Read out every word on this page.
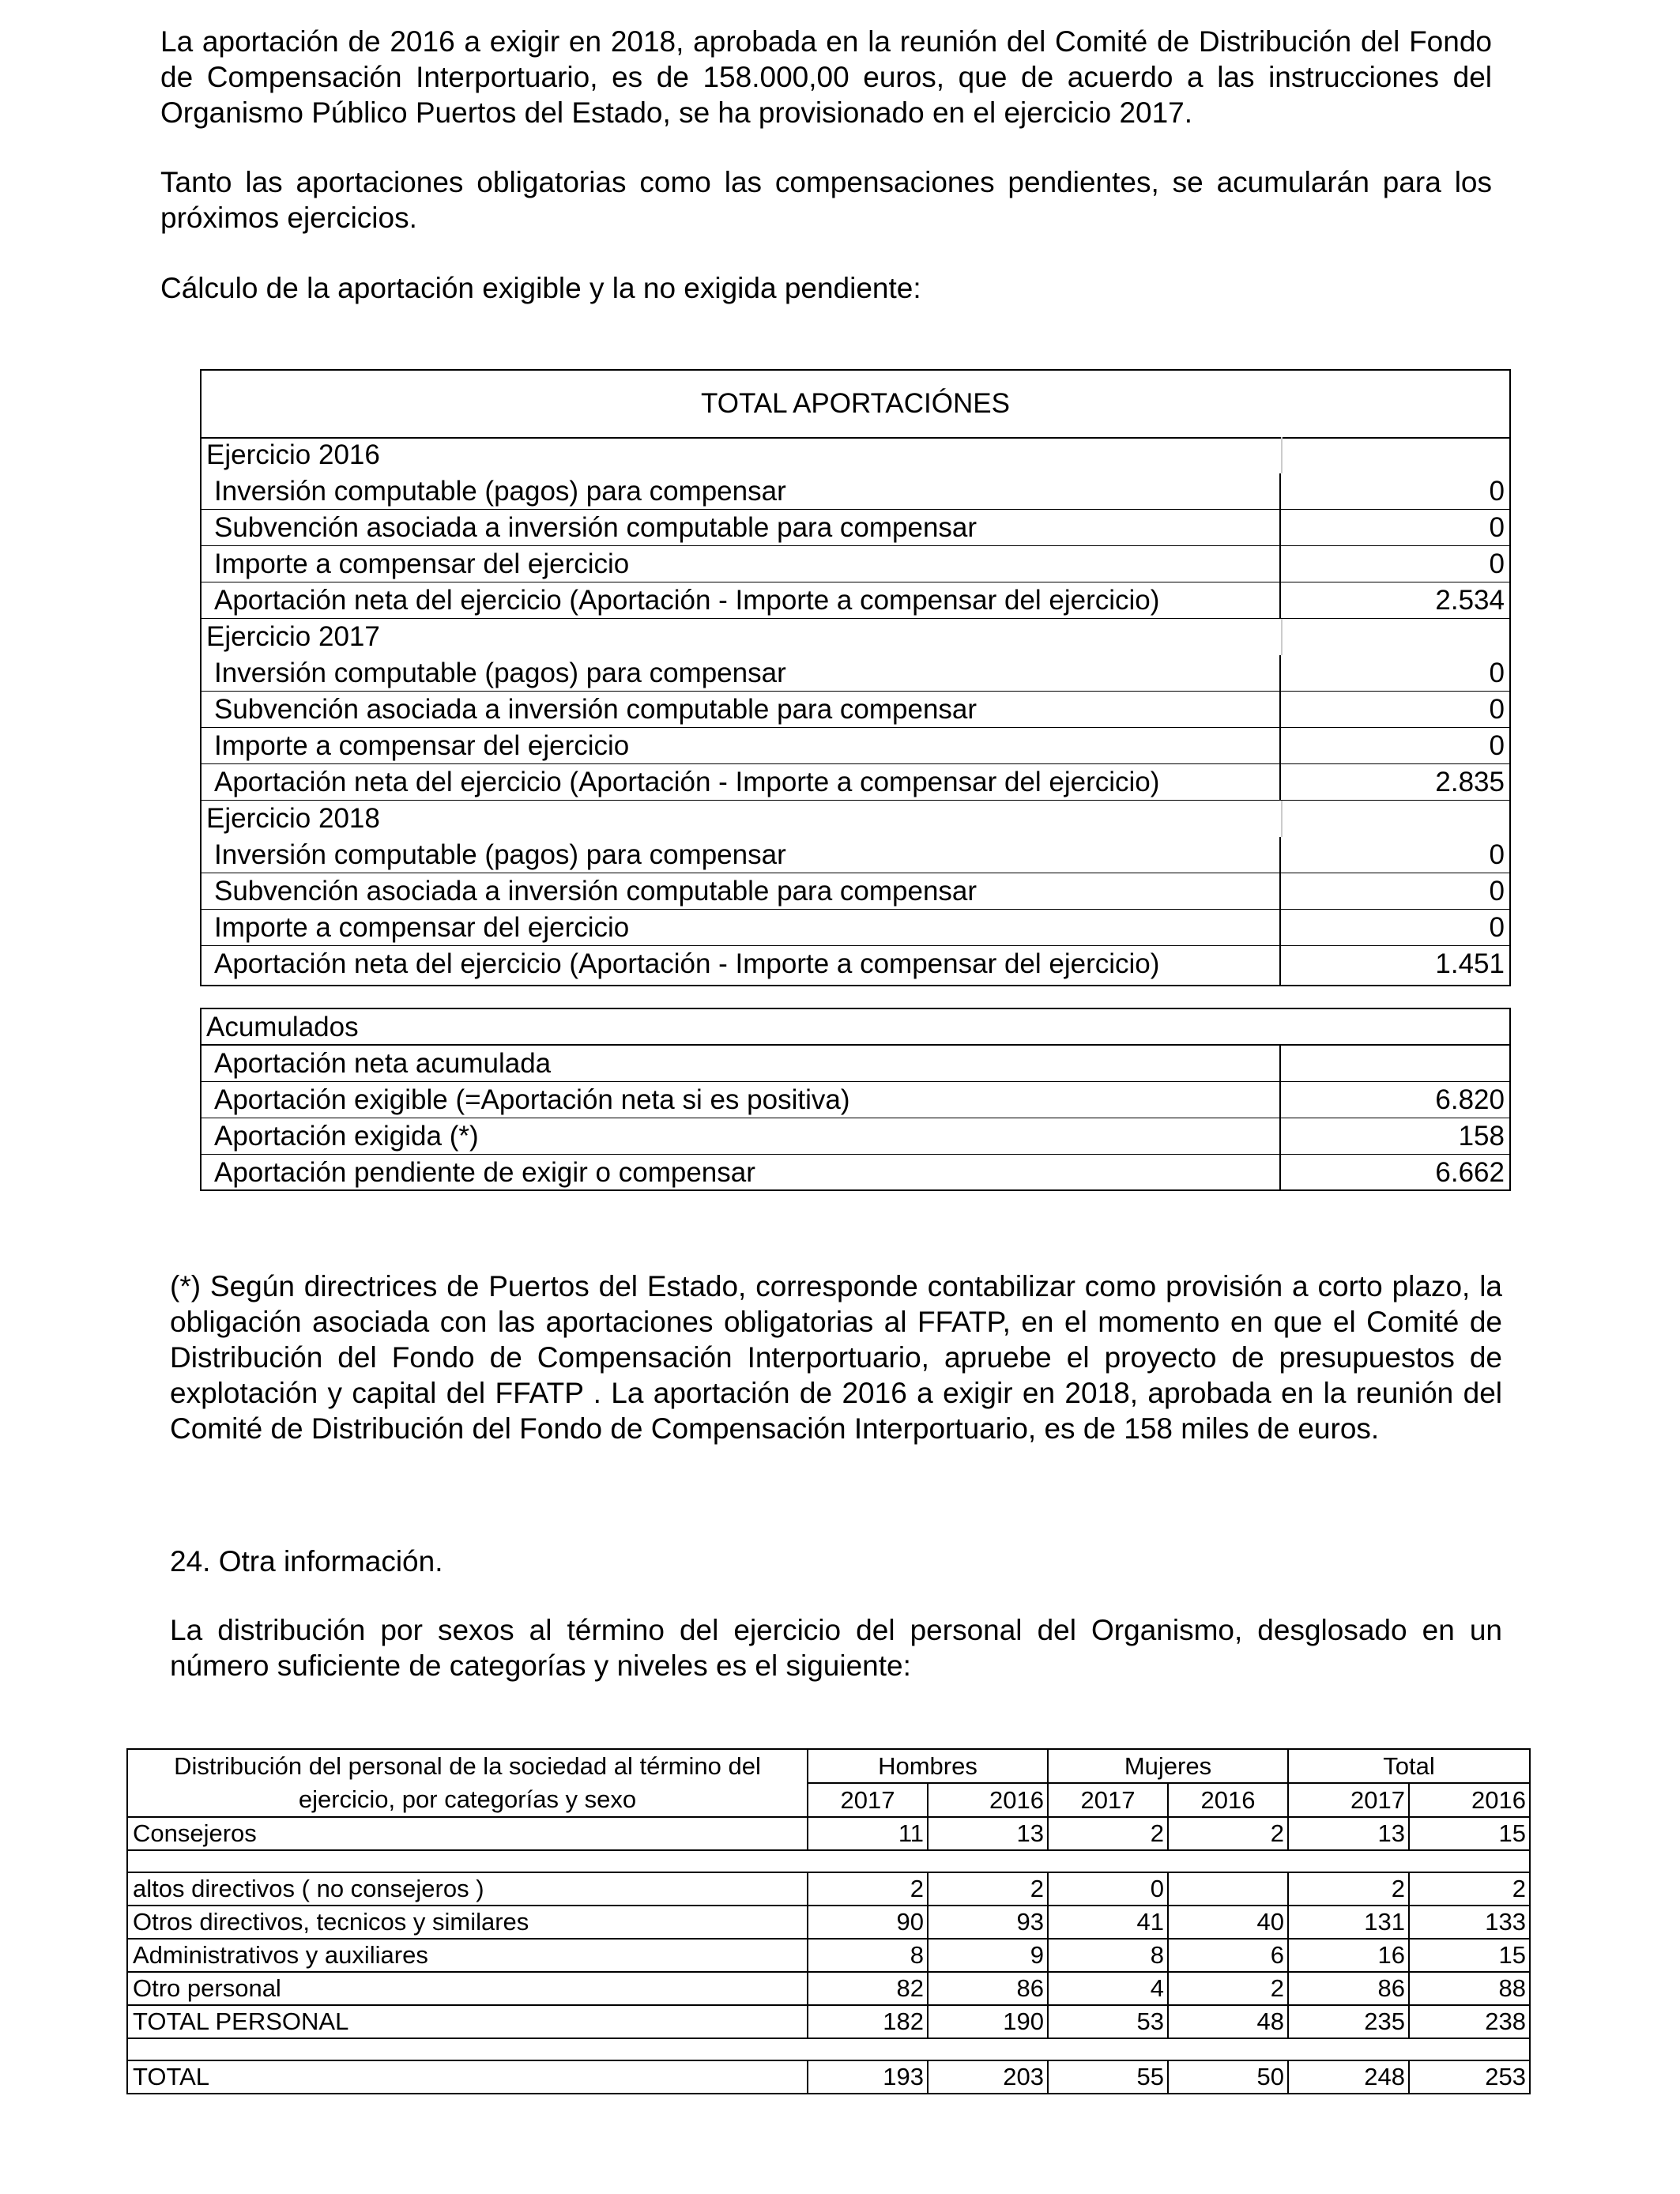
La aportación de 2016 a exigir en 2018, aprobada en la reunión del Comité de Distribución del Fondo de Compensación Interportuario, es de 158.000,00 euros, que de acuerdo a las instrucciones del Organismo Público Puertos del Estado, se ha provisionado en el ejercicio 2017.

Tanto las aportaciones obligatorias como las compensaciones pendientes, se acumularán para los próximos ejercicios.

Cálculo de la aportación exigible y la no exigida pendiente:

TOTAL APORTACIÓNES
Ejercicio 2016
Inversión computable (pagos) para compensar	0
Subvención asociada a inversión computable para compensar	0
Importe a compensar del ejercicio	0
Aportación neta del ejercicio (Aportación - Importe a compensar del ejercicio)	2.534
Ejercicio 2017
Inversión computable (pagos) para compensar	0
Subvención asociada a inversión computable para compensar	0
Importe a compensar del ejercicio	0
Aportación neta del ejercicio (Aportación - Importe a compensar del ejercicio)	2.835
Ejercicio 2018
Inversión computable (pagos) para compensar	0
Subvención asociada a inversión computable para compensar	0
Importe a compensar del ejercicio	0
Aportación neta del ejercicio (Aportación - Importe a compensar del ejercicio)	1.451
Acumulados
Aportación neta acumulada
Aportación exigible (=Aportación neta si es positiva)	6.820
Aportación exigida (*)	158
Aportación pendiente de exigir o compensar	6.662

(*) Según directrices de Puertos del Estado, corresponde contabilizar como provisión a corto plazo, la obligación asociada con las aportaciones obligatorias al FFATP, en el momento en que el Comité de Distribución del Fondo de Compensación Interportuario, apruebe el proyecto de presupuestos de explotación y capital del FFATP . La aportación de 2016 a exigir en 2018, aprobada en la reunión del Comité de Distribución del Fondo de Compensación Interportuario, es de 158 miles de euros.

24. Otra información.

La distribución por sexos al término del ejercicio del personal del Organismo, desglosado en un número suficiente de categorías y niveles es el siguiente:

Distribución del personal de la sociedad al término del
ejercicio, por categorías y sexo	Hombres		Mujeres		Total	
	2017	2016	2017	2016	2017	2016
Consejeros	11	13	2	2	13	15

altos directivos ( no consejeros )	2	2	0		2	2
Otros directivos, tecnicos y similares	90	93	41	40	131	133
Administrativos y auxiliares	8	9	8	6	16	15
Otro personal	82	86	4	2	86	88
TOTAL PERSONAL	182	190	53	48	235	238

TOTAL	193	203	55	50	248	253
